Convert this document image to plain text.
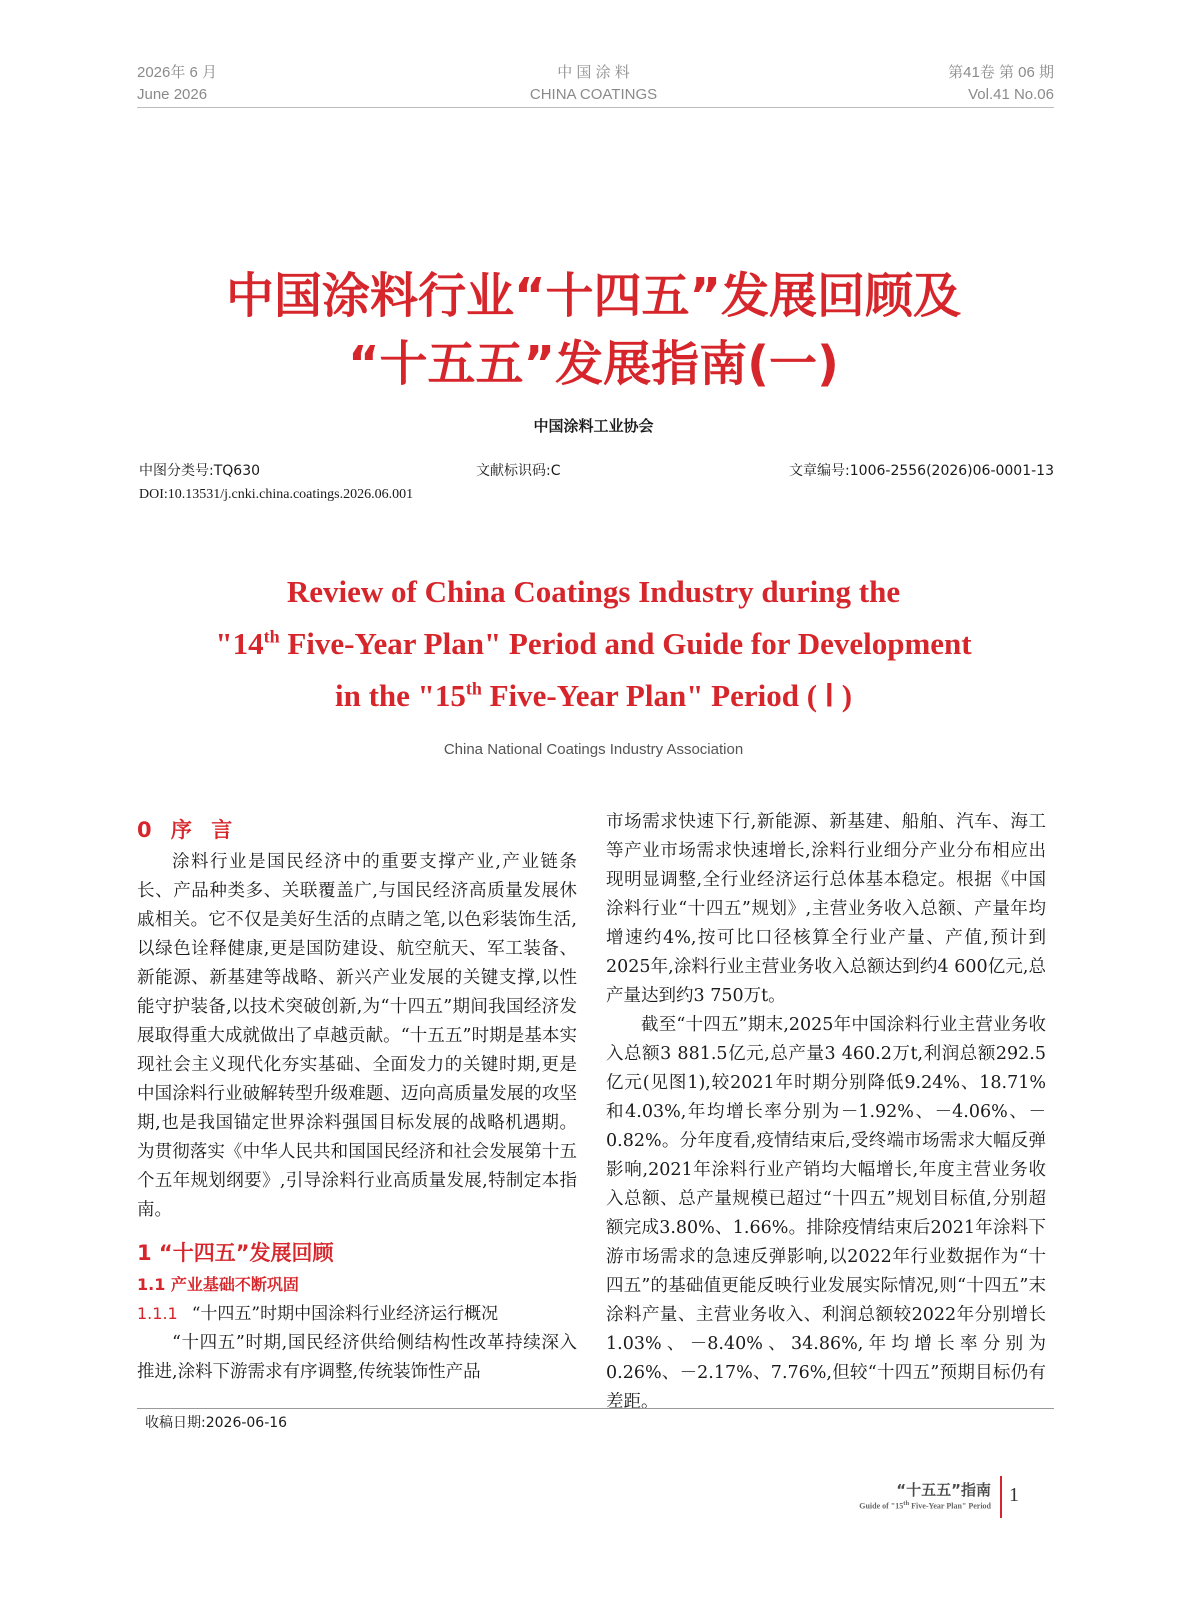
2026年 6 月
June 2026
中 国 涂 料
CHINA COATINGS
第41卷 第 06 期
Vol.41 No.06
中国涂料行业“十四五”发展回顾及
“十五五”发展指南(一)
中国涂料工业协会
中图分类号:TQ630	文献标识码:C	文章编号:1006-2556(2026)06-0001-13
DOI:10.13531/j.cnki.china.coatings.2026.06.001
Review of China Coatings Industry during the
"14th Five-Year Plan" Period and Guide for Development
in the "15th Five-Year Plan" Period ( Ⅰ )
China National Coatings Industry Association
0 序 言

涂料行业是国民经济中的重要支撑产业,产业链条长、产品种类多、关联覆盖广,与国民经济高质量发展休戚相关。它不仅是美好生活的点睛之笔,以色彩装饰生活,以绿色诠释健康,更是国防建设、航空航天、军工装备、新能源、新基建等战略、新兴产业发展的关键支撑,以性能守护装备,以技术突破创新,为“十四五”期间我国经济发展取得重大成就做出了卓越贡献。“十五五”时期是基本实现社会主义现代化夯实基础、全面发力的关键时期,更是中国涂料行业破解转型升级难题、迈向高质量发展的攻坚期,也是我国锚定世界涂料强国目标发展的战略机遇期。为贯彻落实《中华人民共和国国民经济和社会发展第十五个五年规划纲要》,引导涂料行业高质量发展,特制定本指南。

1 “十四五”发展回顾
1.1 产业基础不断巩固
1.1.1 “十四五”时期中国涂料行业经济运行概况

“十四五”时期,国民经济供给侧结构性改革持续深入推进,涂料下游需求有序调整,传统装饰性产品

市场需求快速下行,新能源、新基建、船舶、汽车、海工等产业市场需求快速增长,涂料行业细分产业分布相应出现明显调整,全行业经济运行总体基本稳定。根据《中国涂料行业“十四五”规划》,主营业务收入总额、产量年均增速约4%,按可比口径核算全行业产量、产值,预计到2025年,涂料行业主营业务收入总额达到约4 600亿元,总产量达到约3 750万t。

截至“十四五”期末,2025年中国涂料行业主营业务收入总额3 881.5亿元,总产量3 460.2万t,利润总额292.5亿元(见图1),较2021年时期分别降低9.24%、18.71%和4.03%,年均增长率分别为－1.92%、－4.06%、－0.82%。分年度看,疫情结束后,受终端市场需求大幅反弹影响,2021年涂料行业产销均大幅增长,年度主营业务收入总额、总产量规模已超过“十四五”规划目标值,分别超额完成3.80%、1.66%。排除疫情结束后2021年涂料下游市场需求的急速反弹影响,以2022年行业数据作为“十四五”的基础值更能反映行业发展实际情况,则“十四五”末涂料产量、主营业务收入、利润总额较2022年分别增长1.03%、－8.40%、34.86%,年均增长率分别为0.26%、－2.17%、7.76%,但较“十四五”预期目标仍有差距。

收稿日期:2026-06-16
“十五五”指南
Guide of "15th Five-Year Plan" Period
1
